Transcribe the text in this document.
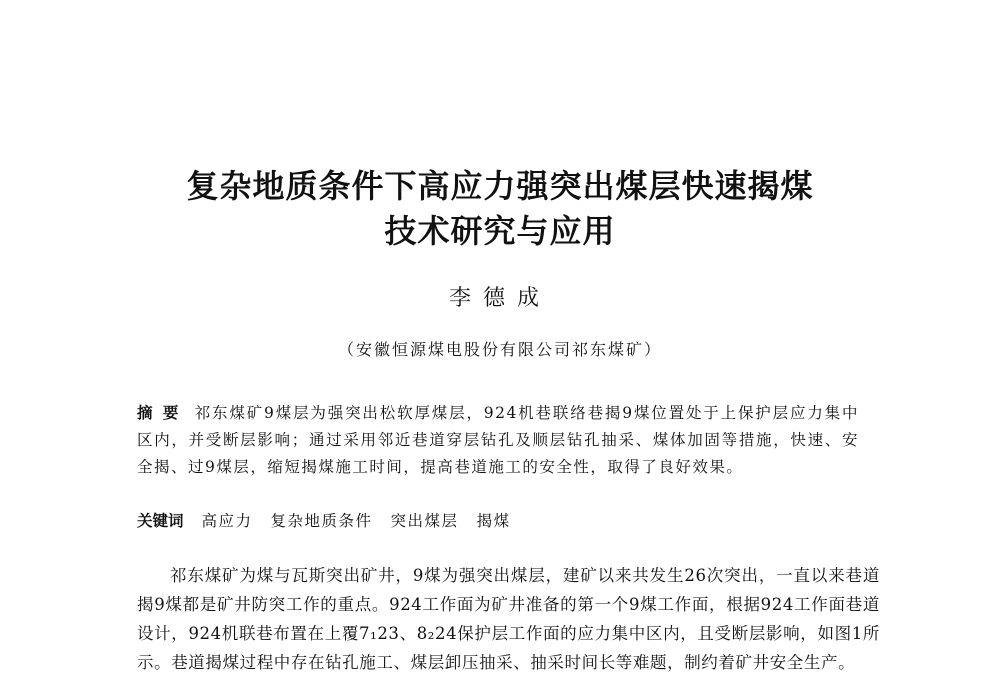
复杂地质条件下高应力强突出煤层快速揭煤
技术研究与应用
李德成
（安徽恒源煤电股份有限公司祁东煤矿）
摘要 祁东煤矿9煤层为强突出松软厚煤层，924机巷联络巷揭9煤位置处于上保护层应力集中区内，并受断层影响；通过采用邻近巷道穿层钻孔及顺层钻孔抽采、煤体加固等措施，快速、安全揭、过9煤层，缩短揭煤施工时间，提高巷道施工的安全性，取得了良好效果。
关键词 高应力 复杂地质条件 突出煤层 揭煤
祁东煤矿为煤与瓦斯突出矿井，9煤为强突出煤层，建矿以来共发生26次突出，一直以来巷道揭9煤都是矿井防突工作的重点。924工作面为矿井准备的第一个9煤工作面，根据924工作面巷道设计，924机联巷布置在上覆7₁23、8₂24保护层工作面的应力集中区内，且受断层影响，如图1所示。巷道揭煤过程中存在钻孔施工、煤层卸压抽采、抽采时间长等难题，制约着矿井安全生产。
